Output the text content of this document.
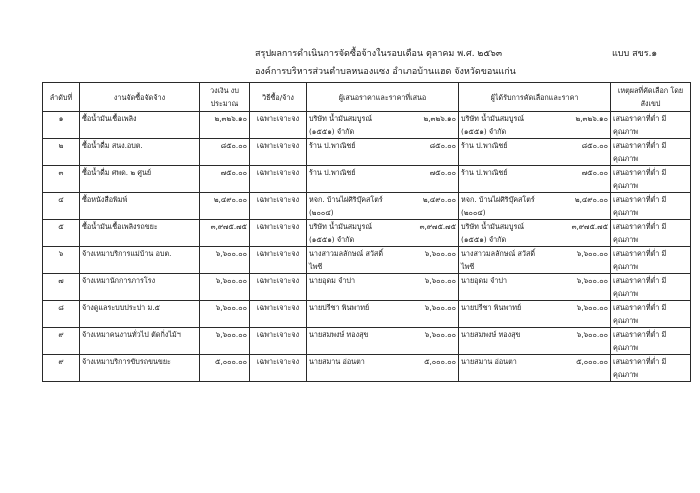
สรุปผลการดำเนินการจัดซื้อจ้างในรอบเดือน ตุลาคม พ.ศ. ๒๕๖๓	แบบ สขร.๑
องค์การบริหารส่วนตำบลหนองแซง อำเภอบ้านแฮด จังหวัดขอนแก่น
ลำดับที่	งานจัดซื้อจัดจ้าง	วงเงิน งบประมาณ	วิธีซื้อ/จ้าง	ผู้เสนอราคาและราคาที่เสนอ		ผู้ได้รับการคัดเลือกและราคา		เหตุผลที่คัดเลือก โดยสังเขป
๑	ซื้อน้ำมันเชื้อเพลิง	๒,๓๒๖.๑๐	เฉพาะเจาะจง	บริษัท น้ำมันสมบูรณ์ (๑๕๕๑) จำกัด	๒,๓๒๖.๑๐	บริษัท น้ำมันสมบูรณ์ (๑๕๕๑) จำกัด	๒,๓๒๖.๑๐	เสนอราคาที่ต่ำ มีคุณภาพ
๒	ซื้อน้ำดื่ม สนง.อบต.	๘๕๐.๐๐	เฉพาะเจาะจง	ร้าน ป.พาณิชย์	๘๕๐.๐๐	ร้าน ป.พาณิชย์	๘๕๐.๐๐	เสนอราคาที่ต่ำ มีคุณภาพ
๓	ซื้อน้ำดื่ม ศพด. ๒ ศูนย์	๗๕๐.๐๐	เฉพาะเจาะจง	ร้าน ป.พาณิชย์	๗๕๐.๐๐	ร้าน ป.พาณิชย์	๗๕๐.๐๐	เสนอราคาที่ต่ำ มีคุณภาพ
๔	ซื้อหนังสือพิมพ์	๒,๔๙๐.๐๐	เฉพาะเจาะจง	หจก. บ้านไผ่ศิริบุ๊คสโตร์ (๒๐๐๔)	๒,๔๙๐.๐๐	หจก. บ้านไผ่ศิริบุ๊คสโตร์ (๒๐๐๔)	๒,๔๙๐.๐๐	เสนอราคาที่ต่ำ มีคุณภาพ
๕	ซื้อน้ำมันเชื้อเพลิงรถขยะ	๓,๙๗๕.๗๕	เฉพาะเจาะจง	บริษัท น้ำมันสมบูรณ์ (๑๕๕๑) จำกัด	๓,๙๗๕.๗๕	บริษัท น้ำมันสมบูรณ์ (๑๕๕๑) จำกัด	๓,๙๗๕.๗๕	เสนอราคาที่ต่ำ มีคุณภาพ
๖	จ้างเหมาบริการแม่บ้าน อบต.	๖,๖๐๐.๐๐	เฉพาะเจาะจง	นางสาวมลลักษณ์ สวัสดิ์ไพซี	๖,๖๐๐.๐๐	นางสาวมลลักษณ์ สวัสดิ์ไพซี	๖,๖๐๐.๐๐	เสนอราคาที่ต่ำ มีคุณภาพ
๗	จ้างเหมานักการภารโรง	๖,๖๐๐.๐๐	เฉพาะเจาะจง	นายอุดม จำปา	๖,๖๐๐.๐๐	นายอุดม จำปา	๖,๖๐๐.๐๐	เสนอราคาที่ต่ำ มีคุณภาพ
๘	จ้างดูแลระบบประปา ม.๕	๖,๖๐๐.๐๐	เฉพาะเจาะจง	นายปรีชา พินพาทย์	๖,๖๐๐.๐๐	นายปรีชา พินพาทย์	๖,๖๐๐.๐๐	เสนอราคาที่ต่ำ มีคุณภาพ
๙	จ้างเหมาคนงานทั่วไป ตัดกิ่งไม้ฯ	๖,๖๐๐.๐๐	เฉพาะเจาะจง	นายสมพงษ์ ทองสุข	๖,๖๐๐.๐๐	นายสมพงษ์ ทองสุข	๖,๖๐๐.๐๐	เสนอราคาที่ต่ำ มีคุณภาพ
๙	จ้างเหมาบริการขับรถขนขยะ	๕,๐๐๐.๐๐	เฉพาะเจาะจง	นายสมาน อ่อนตา	๕,๐๐๐.๐๐	นายสมาน อ่อนตา	๕,๐๐๐.๐๐	เสนอราคาที่ต่ำ มีคุณภาพ
